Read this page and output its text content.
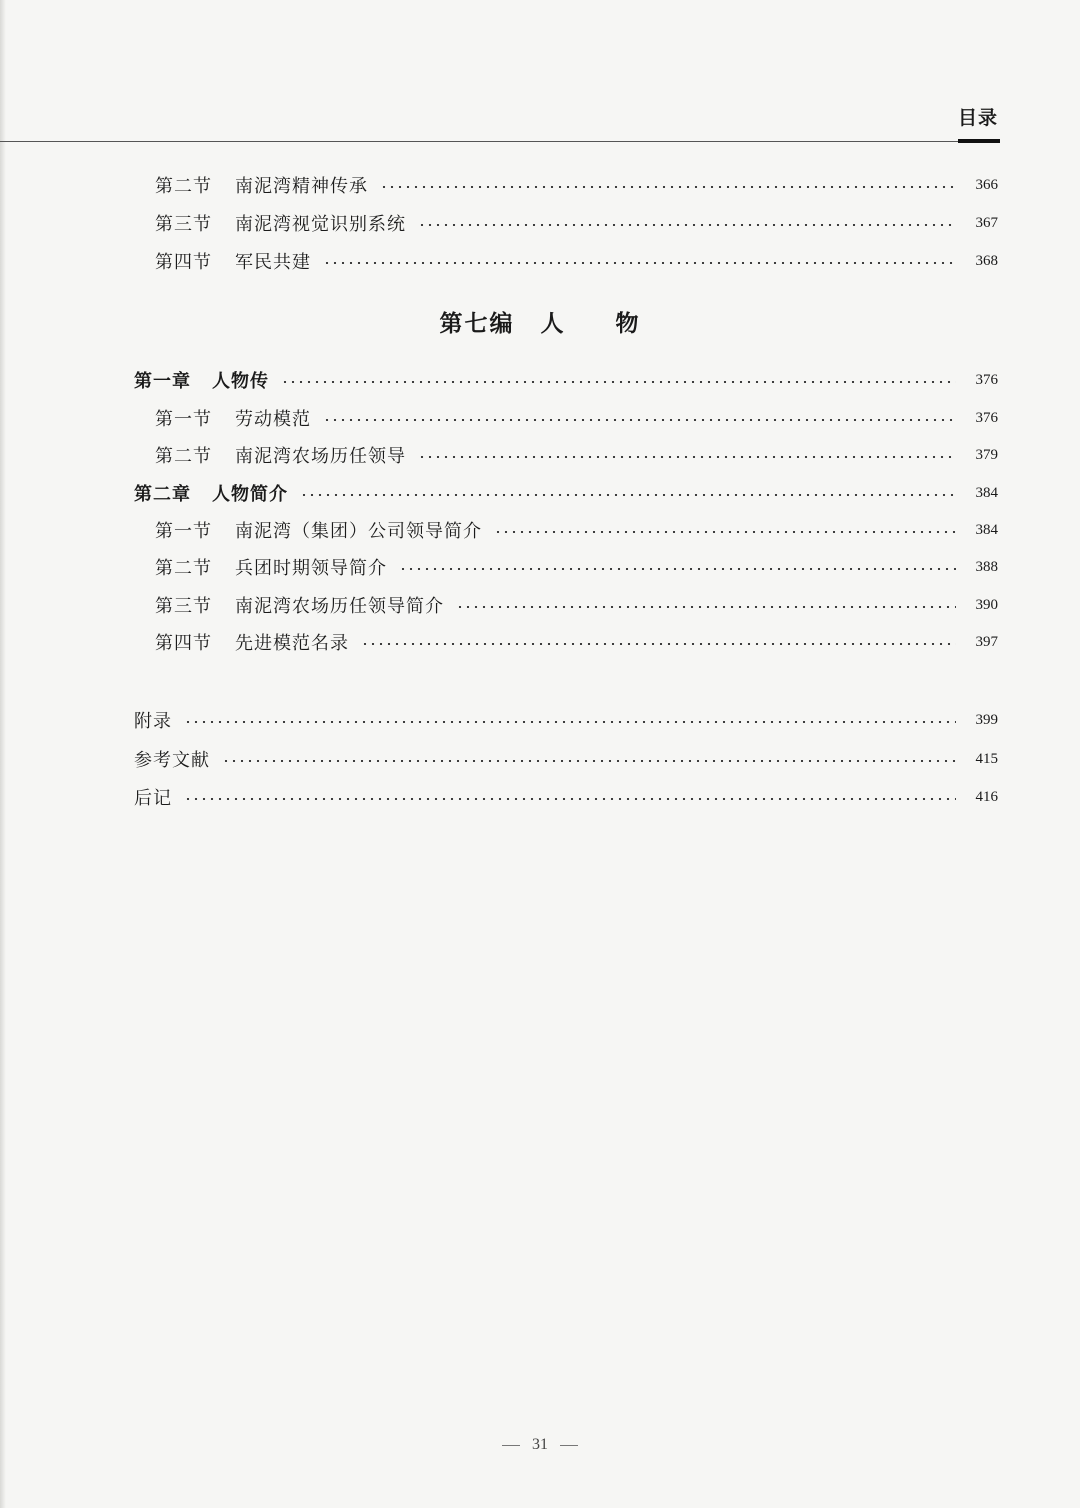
目录
第二节	南泥湾精神传承	366
第三节	南泥湾视觉识别系统	367
第四节	军民共建	368
第七编 人 物
第一章	人物传	376
第一节	劳动模范	376
第二节	南泥湾农场历任领导	379
第二章	人物简介	384
第一节	南泥湾（集团）公司领导简介	384
第二节	兵团时期领导简介	388
第三节	南泥湾农场历任领导简介	390
第四节	先进模范名录	397
附录	399
参考文献	415
后记	416
31
